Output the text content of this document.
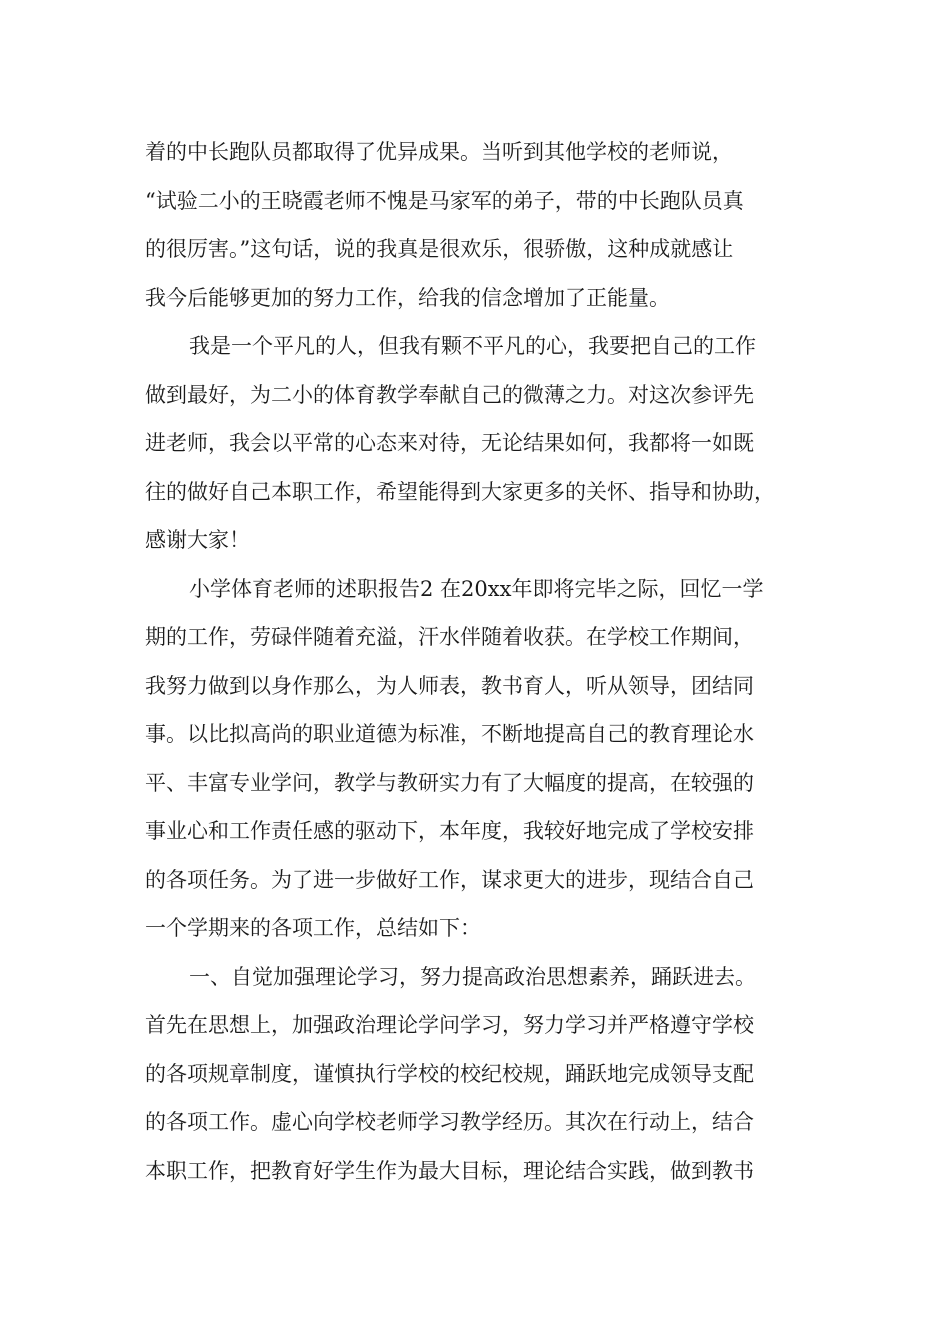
着的中长跑队员都取得了优异成果。当听到其他学校的老师说，
“试验二小的王晓霞老师不愧是马家军的弟子，带的中长跑队员真
的很厉害。”这句话，说的我真是很欢乐，很骄傲，这种成就感让
我今后能够更加的努力工作，给我的信念增加了正能量。
我是一个平凡的人，但我有颗不平凡的心，我要把自己的工作
做到最好，为二小的体育教学奉献自己的微薄之力。对这次参评先
进老师，我会以平常的心态来对待，无论结果如何，我都将一如既
往的做好自己本职工作，希望能得到大家更多的关怀、指导和协助，
感谢大家！
小学体育老师的述职报告2 在20xx年即将完毕之际，回忆一学
期的工作，劳碌伴随着充溢，汗水伴随着收获。在学校工作期间，
我努力做到以身作那么，为人师表，教书育人，听从领导，团结同
事。以比拟高尚的职业道德为标准，不断地提高自己的教育理论水
平、丰富专业学问，教学与教研实力有了大幅度的提高，在较强的
事业心和工作责任感的驱动下，本年度，我较好地完成了学校安排
的各项任务。为了进一步做好工作，谋求更大的进步，现结合自己
一个学期来的各项工作，总结如下：
一、自觉加强理论学习，努力提高政治思想素养，踊跃进去。
首先在思想上，加强政治理论学问学习，努力学习并严格遵守学校
的各项规章制度，谨慎执行学校的校纪校规，踊跃地完成领导支配
的各项工作。虚心向学校老师学习教学经历。其次在行动上，结合
本职工作，把教育好学生作为最大目标，理论结合实践，做到教书
